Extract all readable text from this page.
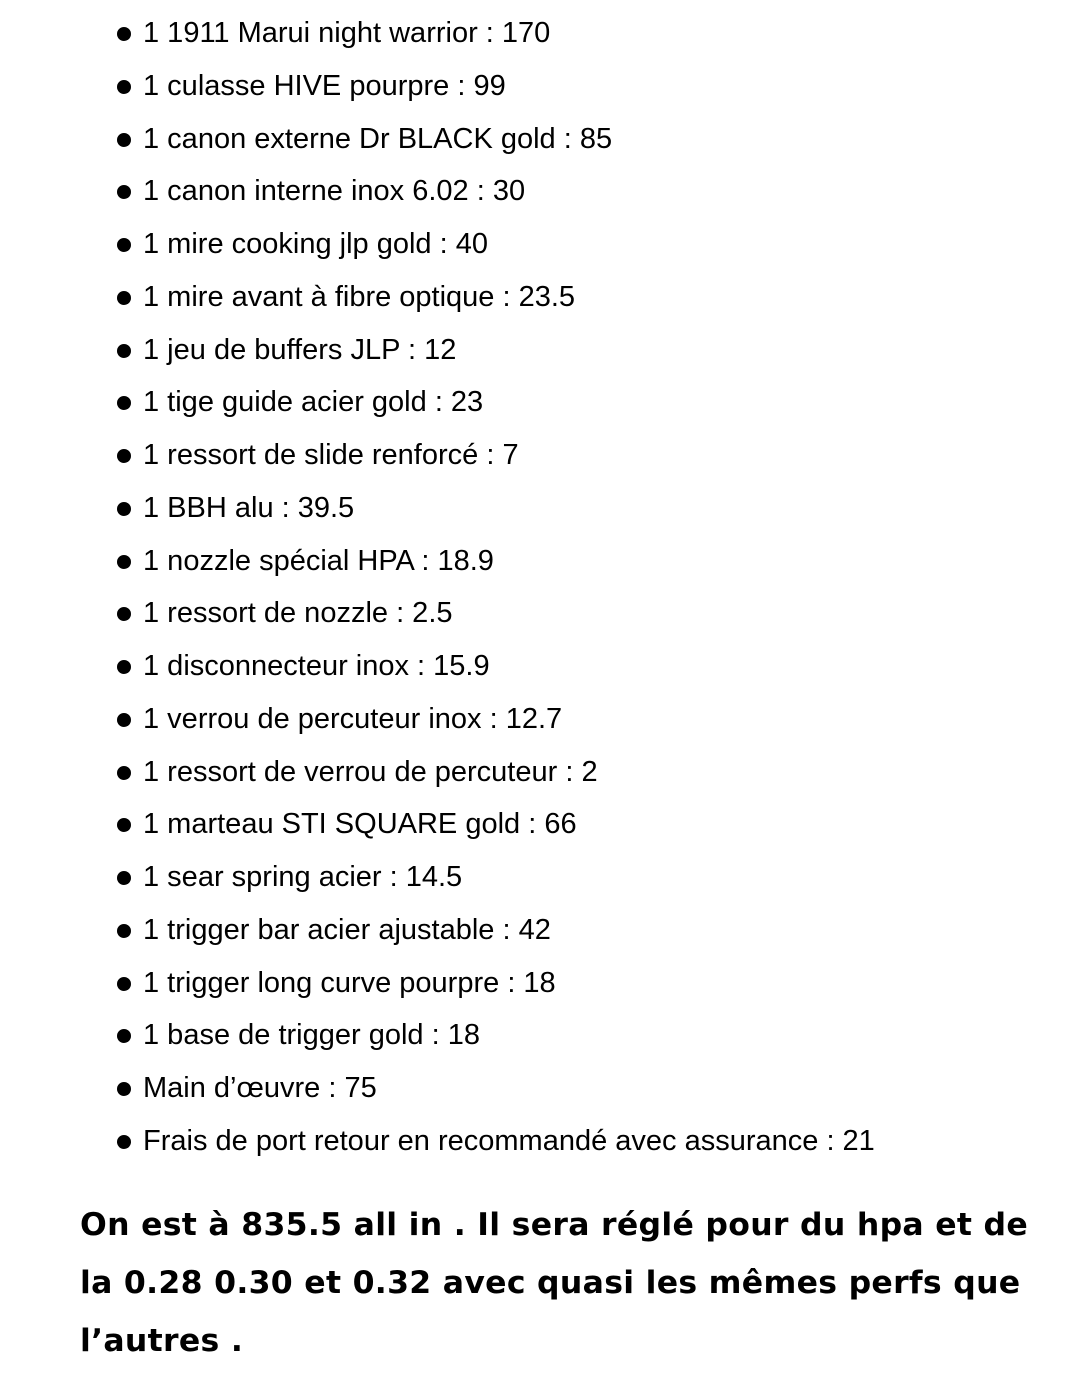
1 1911 Marui night warrior : 170
1 culasse HIVE pourpre : 99
1 canon externe Dr BLACK gold : 85
1 canon interne inox 6.02 : 30
1 mire cooking jlp gold : 40
1 mire avant à fibre optique : 23.5
1 jeu de buffers JLP : 12
1 tige guide acier gold : 23
1 ressort de slide renforcé : 7
1 BBH alu : 39.5
1 nozzle spécial HPA : 18.9
1 ressort de nozzle : 2.5
1 disconnecteur inox : 15.9
1 verrou de percuteur inox : 12.7
1 ressort de verrou de percuteur : 2
1 marteau STI SQUARE gold : 66
1 sear spring acier : 14.5
1 trigger bar acier ajustable : 42
1 trigger long curve pourpre : 18
1 base de trigger gold : 18
Main d’œuvre : 75
Frais de port retour en recommandé avec assurance : 21

On est à 835.5 all in . Il sera réglé pour du hpa et de la 0.28 0.30 et 0.32 avec quasi les mêmes perfs que l’autres .
